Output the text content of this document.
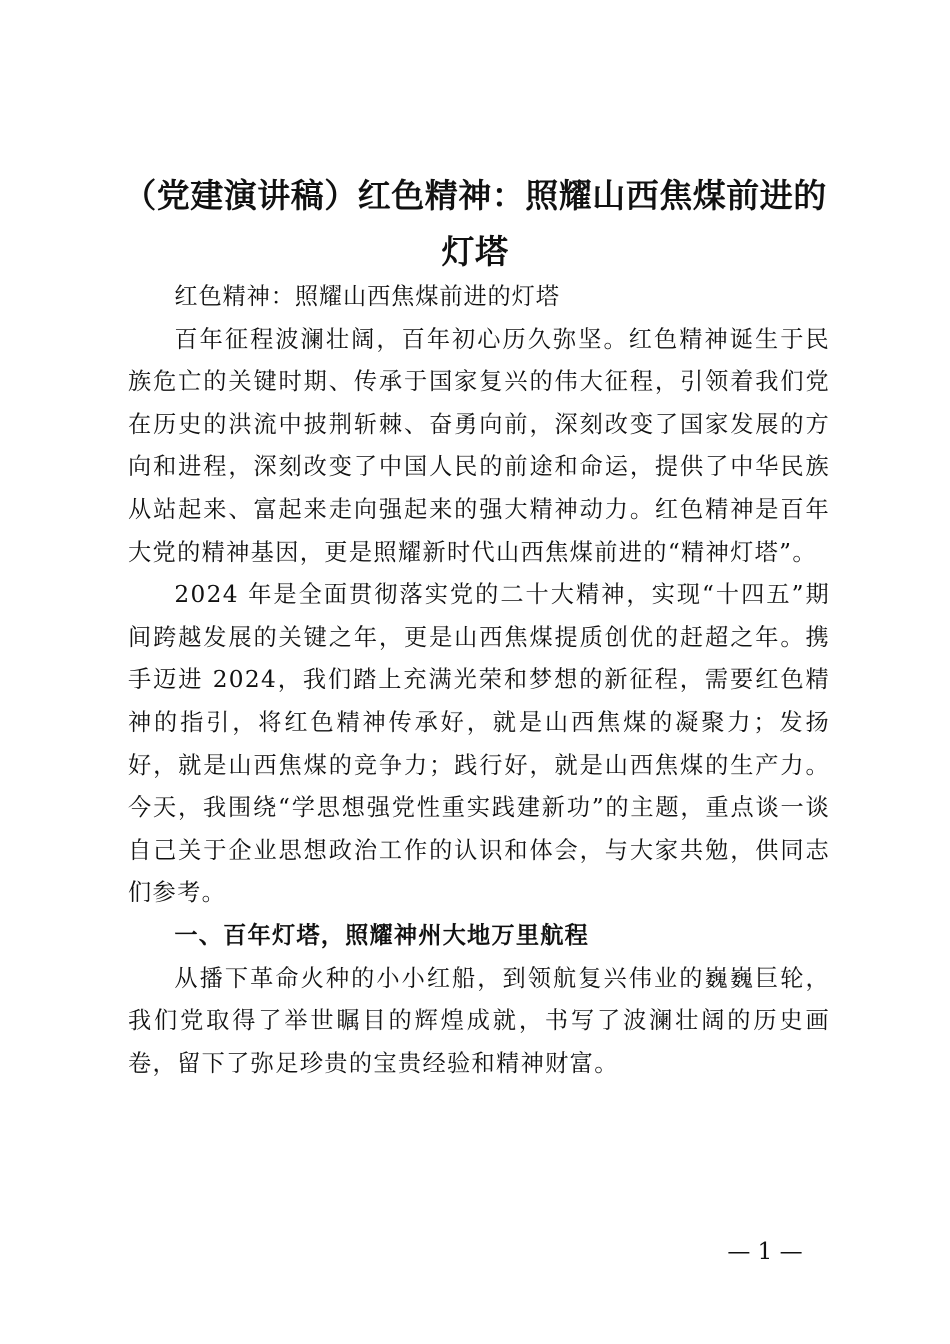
（党建演讲稿）红色精神：照耀山西焦煤前进的灯塔

红色精神：照耀山西焦煤前进的灯塔

百年征程波澜壮阔，百年初心历久弥坚。红色精神诞生于民族危亡的关键时期、传承于国家复兴的伟大征程，引领着我们党在历史的洪流中披荆斩棘、奋勇向前，深刻改变了国家发展的方向和进程，深刻改变了中国人民的前途和命运，提供了中华民族从站起来、富起来走向强起来的强大精神动力。红色精神是百年大党的精神基因，更是照耀新时代山西焦煤前进的“精神灯塔”。

2024 年是全面贯彻落实党的二十大精神，实现“十四五”期间跨越发展的关键之年，更是山西焦煤提质创优的赶超之年。携手迈进 2024，我们踏上充满光荣和梦想的新征程，需要红色精神的指引，将红色精神传承好，就是山西焦煤的凝聚力；发扬好，就是山西焦煤的竞争力；践行好，就是山西焦煤的生产力。今天，我围绕“学思想强党性重实践建新功”的主题，重点谈一谈自己关于企业思想政治工作的认识和体会，与大家共勉，供同志们参考。

一、百年灯塔，照耀神州大地万里航程

从播下革命火种的小小红船，到领航复兴伟业的巍巍巨轮，我们党取得了举世瞩目的辉煌成就，书写了波澜壮阔的历史画卷，留下了弥足珍贵的宝贵经验和精神财富。

— 1 —
